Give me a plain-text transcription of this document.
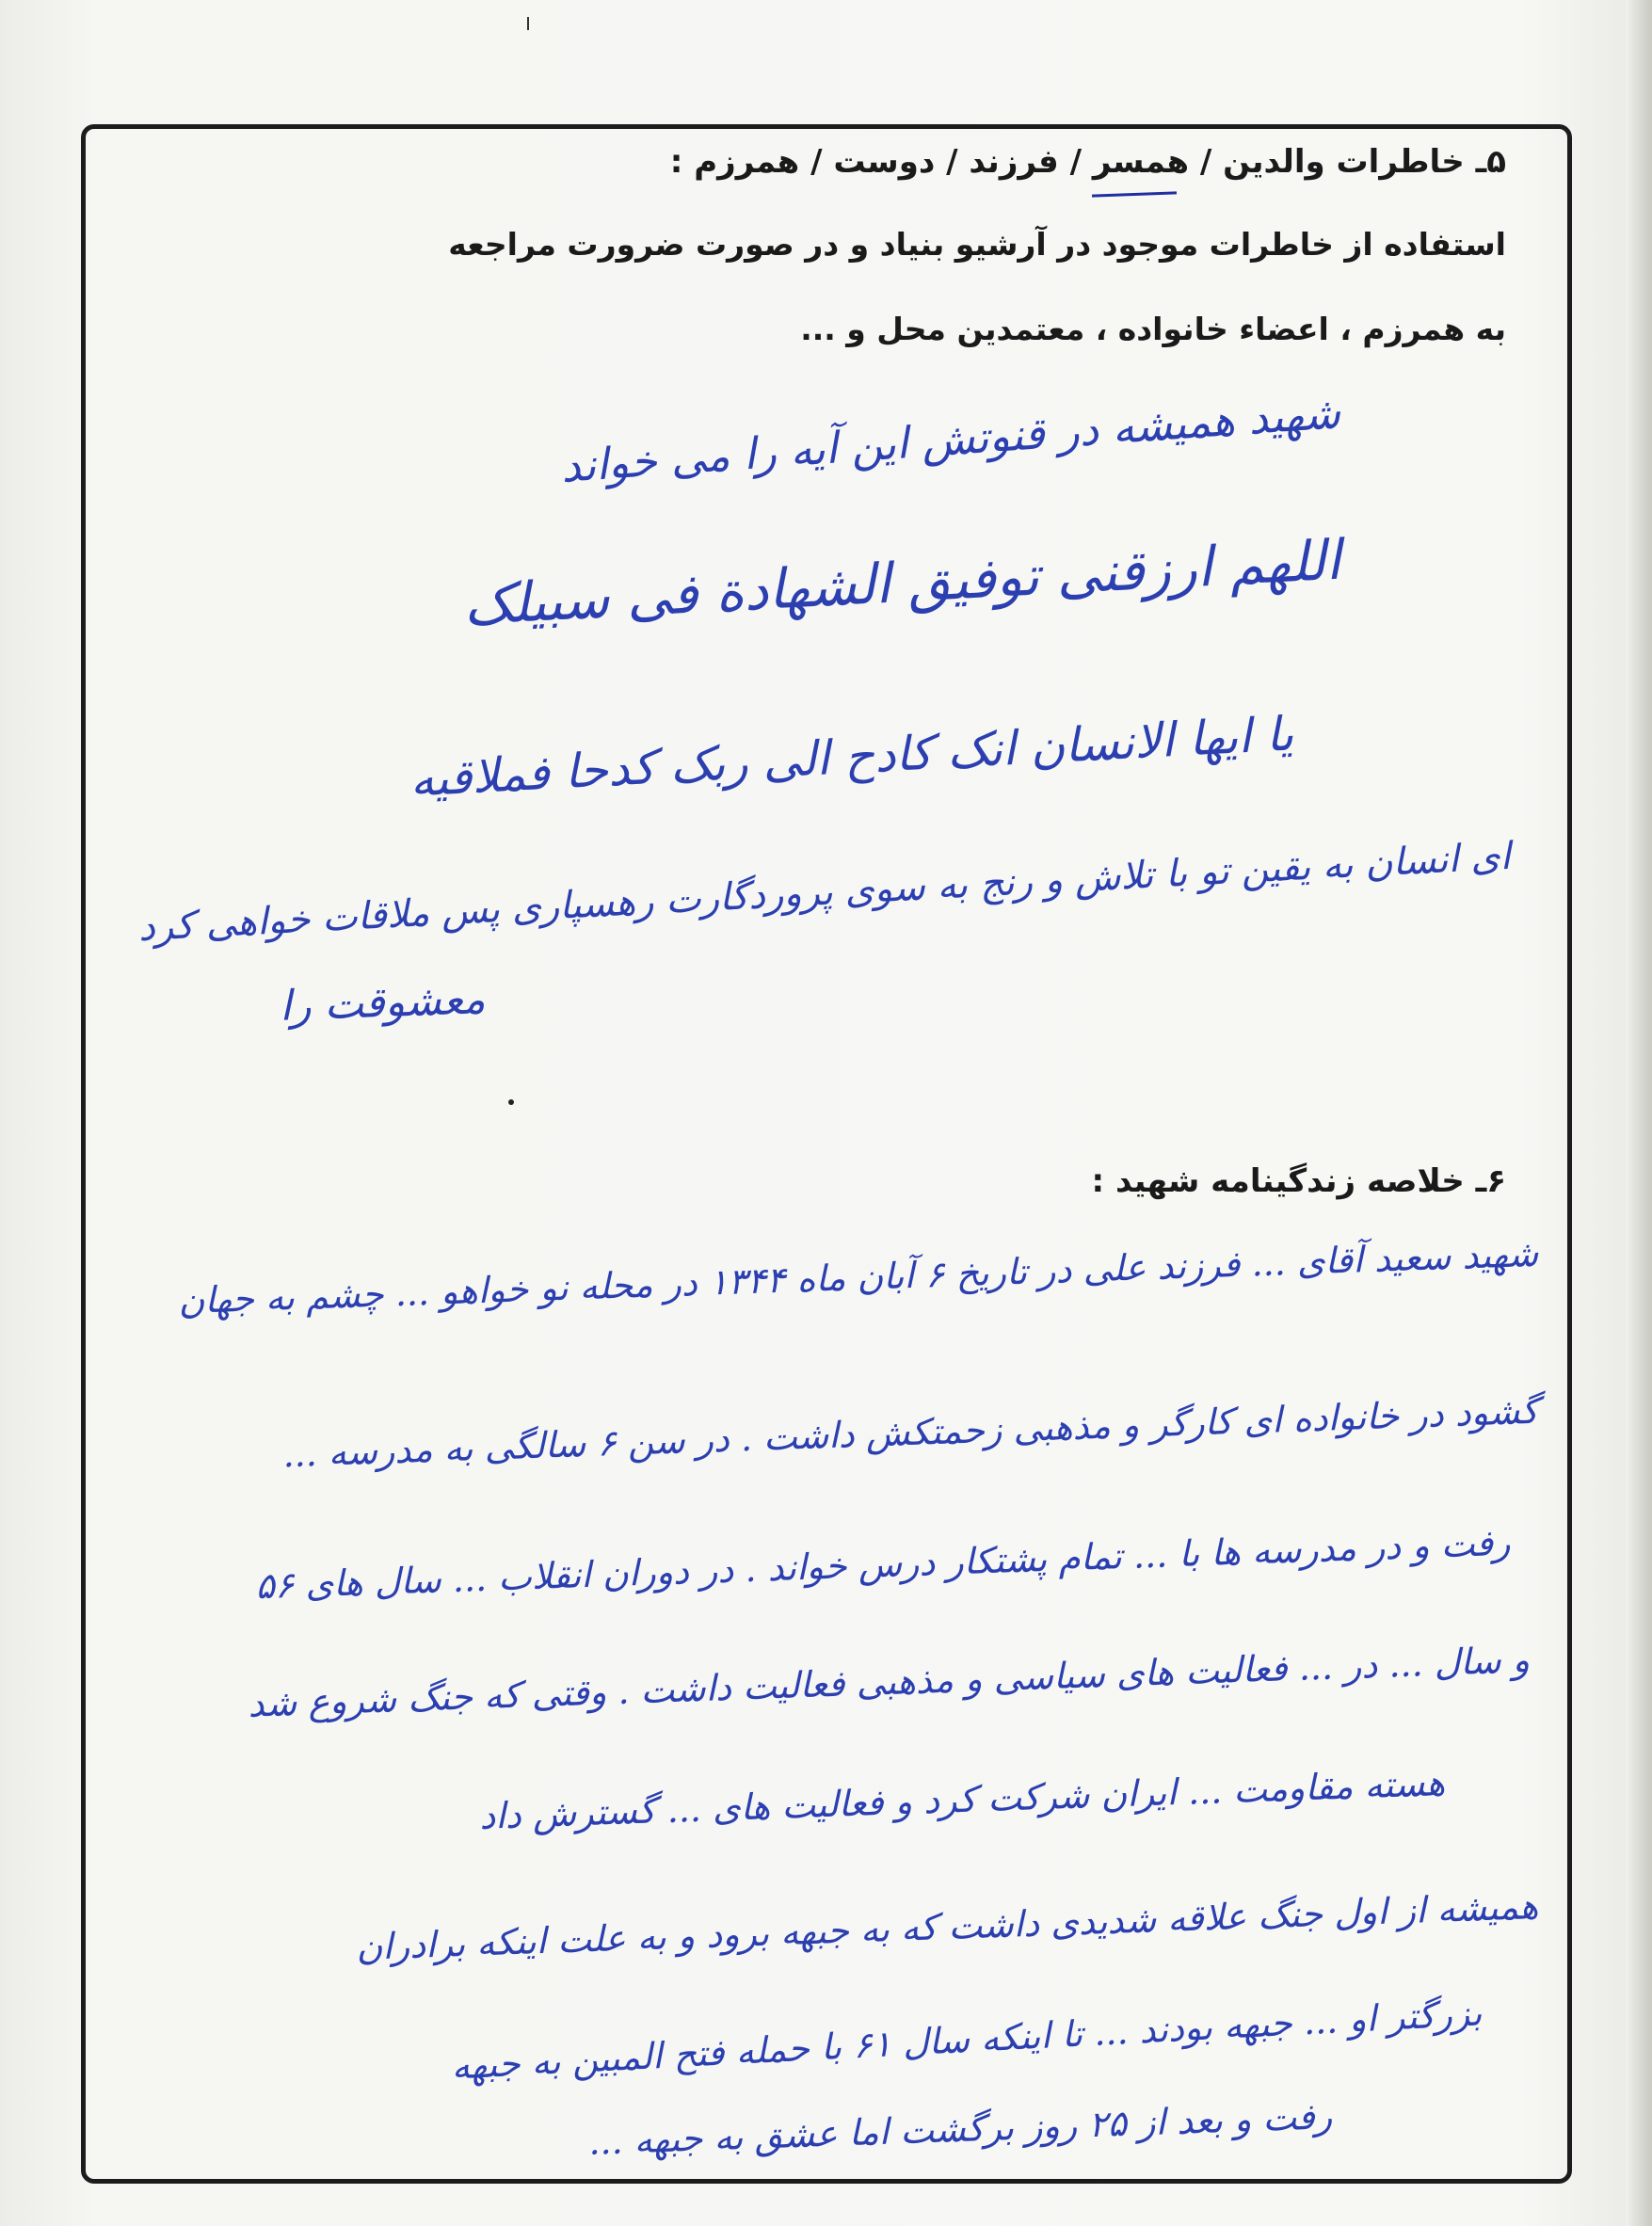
۵ـ خاطرات والدین / همسر / فرزند / دوست / همرزم :
استفاده از خاطرات موجود در آرشیو بنیاد و در صورت ضرورت مراجعه
به همرزم ، اعضاء خانواده ، معتمدین محل و ...
شهید همیشه در قنوتش این آیه را می خواند
اللهم ارزقنی توفیق الشهادة فی سبیلک
یا ایها الانسان انک کادح الی ربک کدحا فملاقیه
ای انسان به یقین تو با تلاش و رنج به سوی پروردگارت رهسپاری پس ملاقات خواهی کرد
معشوقت را
۶ـ خلاصه زندگینامه شهید :
شهید سعید آقای ... فرزند علی در تاریخ ۶ آبان ماه ۱۳۴۴ در محله نو خواهو ... چشم به جهان
گشود در خانواده ای کارگر و مذهبی زحمتکش داشت . در سن ۶ سالگی به مدرسه ...
رفت و در مدرسه ها با ... تمام پشتکار درس خواند . در دوران انقلاب ... سال های ۵۶
و سال ... در ... فعالیت های سیاسی و مذهبی فعالیت داشت . وقتی که جنگ شروع شد
هسته مقاومت ... ایران شرکت کرد و فعالیت های ... گسترش داد
همیشه از اول جنگ علاقه شدیدی داشت که به جبهه برود و به علت اینکه برادران
بزرگتر او ... جبهه بودند ... تا اینکه سال ۶۱ با حمله فتح المبین به جبهه
رفت و بعد از ۲۵ روز برگشت اما عشق به جبهه ...
